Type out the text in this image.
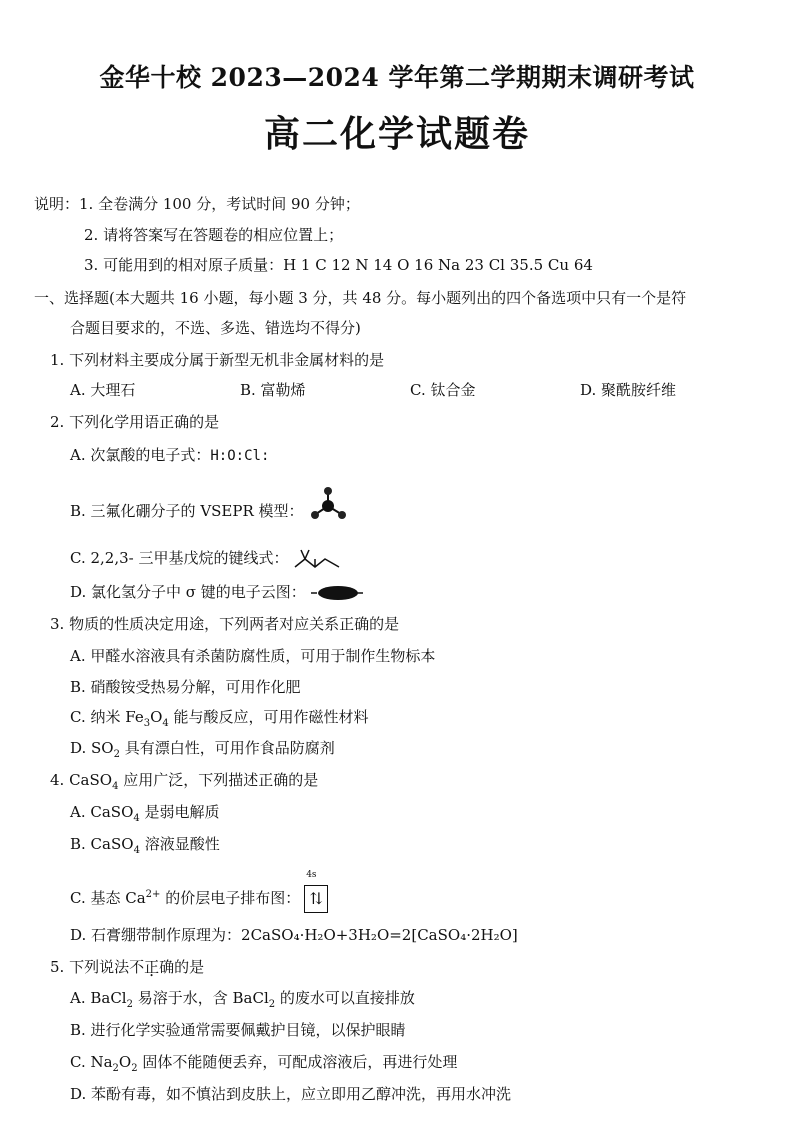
金华十校 2023—2024 学年第二学期期末调研考试
高二化学试题卷
说明：1. 全卷满分 100 分，考试时间 90 分钟；
2. 请将答案写在答题卷的相应位置上；
3. 可能用到的相对原子质量：H 1 C 12 N 14 O 16 Na 23 Cl 35.5 Cu 64
一、选择题(本大题共 16 小题，每小题 3 分，共 48 分。每小题列出的四个备选项中只有一个是符
合题目要求的，不选、多选、错选均不得分)
1. 下列材料主要成分属于新型无机非金属材料的是
A. 大理石	B. 富勒烯	C. 钛合金	D. 聚酰胺纤维
2. 下列化学用语正确的是
A. 次氯酸的电子式：H:O:Cl:
B. 三氟化硼分子的 VSEPR 模型：
C. 2,2,3- 三甲基戊烷的键线式：
D. 氯化氢分子中 σ 键的电子云图：
3. 物质的性质决定用途，下列两者对应关系正确的是
A. 甲醛水溶液具有杀菌防腐性质，可用于制作生物标本
B. 硝酸铵受热易分解，可用作化肥
C. 纳米 $Fe_3O_4$ 能与酸反应，可用作磁性材料
D. $SO_2$ 具有漂白性，可用作食品防腐剂
4. CaSO$_4$ 应用广泛，下列描述正确的是
A. CaSO$_4$ 是弱电解质
B. CaSO$_4$ 溶液显酸性
C. 基态 $Ca^{2+}$ 的价层电子排布图：
4s
⇅
D. 石膏绷带制作原理为：2CaSO₄·H₂O+3H₂O=2[CaSO₄·2H₂O]
5. 下列说法不正确的是
A. BaCl$_2$ 易溶于水，含 BaCl$_2$ 的废水可以直接排放
B. 进行化学实验通常需要佩戴护目镜，以保护眼睛
C. $Na_2O_2$ 固体不能随便丢弃，可配成溶液后，再进行处理
D. 苯酚有毒，如不慎沾到皮肤上，应立即用乙醇冲洗，再用水冲洗
